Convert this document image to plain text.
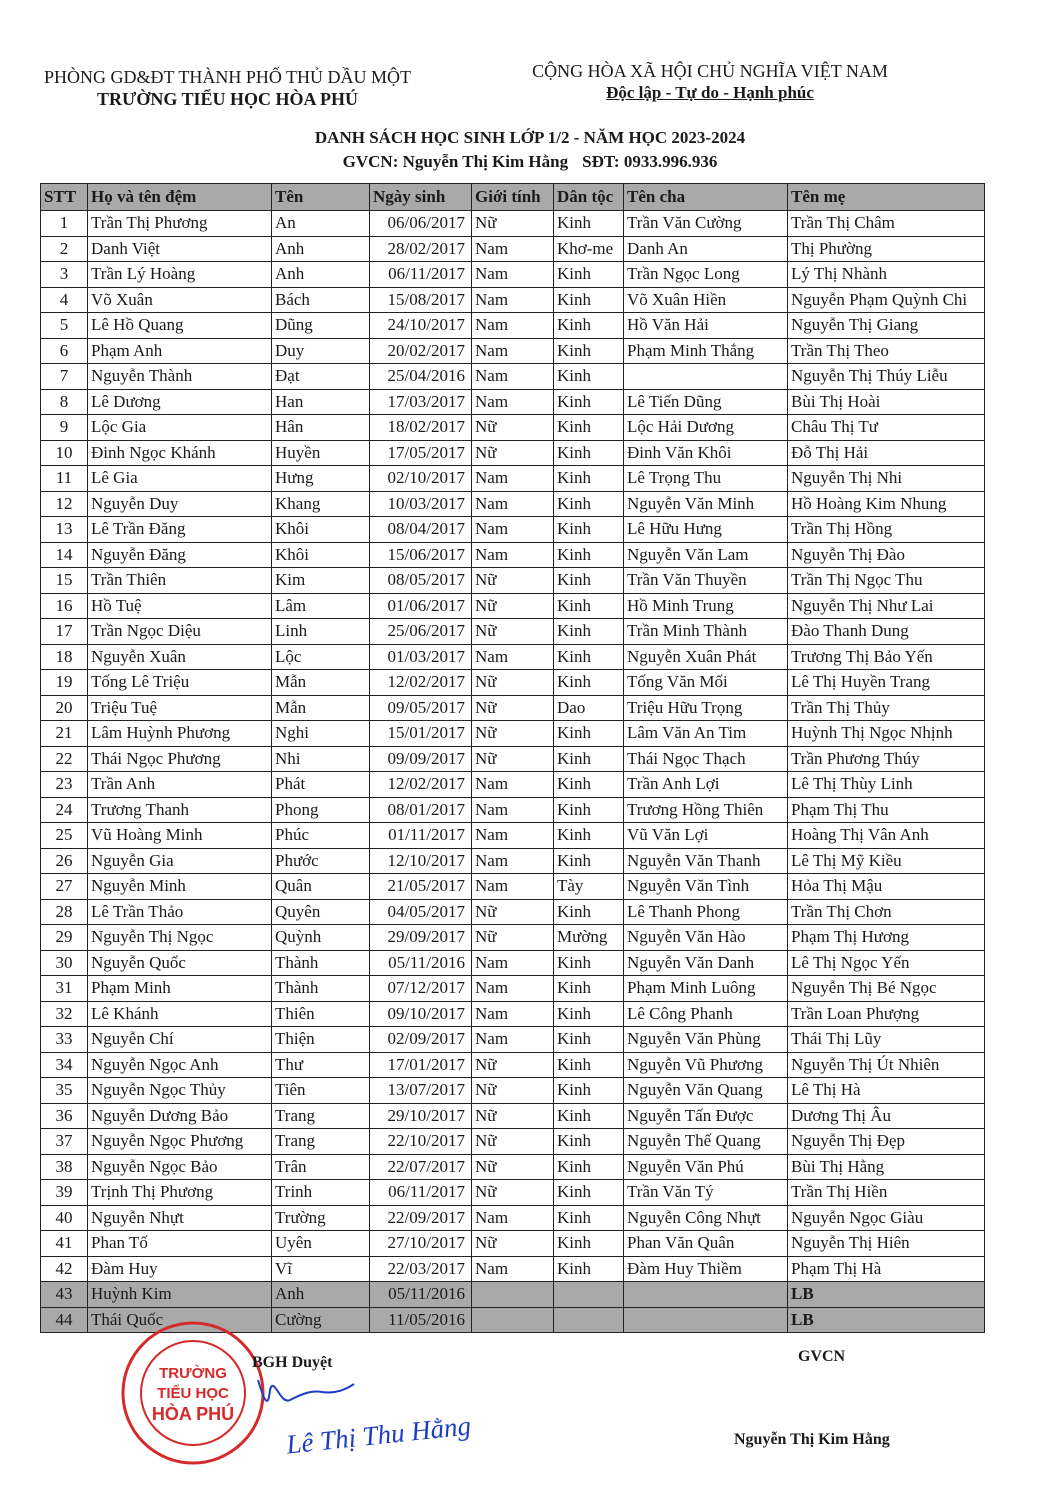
PHÒNG GD&ĐT THÀNH PHỐ THỦ DẦU MỘT
TRƯỜNG TIỂU HỌC HÒA PHÚ
CỘNG HÒA XÃ HỘI CHỦ NGHĨA VIỆT NAM
Độc lập - Tự do - Hạnh phúc
DANH SÁCH HỌC SINH LỚP 1/2 - NĂM HỌC 2023-2024
GVCN: Nguyễn Thị Kim Hằng SĐT: 0933.996.936
STT	Họ và tên đệm	Tên	Ngày sinh	Giới tính	Dân tộc	Tên cha	Tên mẹ
1	Trần Thị Phương	An	06/06/2017	Nữ	Kinh	Trần Văn Cường	Trần Thị Châm
2	Danh Việt	Anh	28/02/2017	Nam	Khơ-me	Danh An	Thị Phường
3	Trần Lý Hoàng	Anh	06/11/2017	Nam	Kinh	Trần Ngọc Long	Lý Thị Nhành
4	Võ Xuân	Bách	15/08/2017	Nam	Kinh	Võ Xuân Hiền	Nguyễn Phạm Quỳnh Chi
5	Lê Hồ Quang	Dũng	24/10/2017	Nam	Kinh	Hồ Văn Hải	Nguyễn Thị Giang
6	Phạm Anh	Duy	20/02/2017	Nam	Kinh	Phạm Minh Thắng	Trần Thị Theo
7	Nguyễn Thành	Đạt	25/04/2016	Nam	Kinh		Nguyễn Thị Thúy Liễu
8	Lê Dương	Han	17/03/2017	Nam	Kinh	Lê Tiến Dũng	Bùi Thị Hoài
9	Lộc Gia	Hân	18/02/2017	Nữ	Kinh	Lộc Hải Dương	Châu Thị Tư
10	Đinh Ngọc Khánh	Huyền	17/05/2017	Nữ	Kinh	Đinh Văn Khôi	Đỗ Thị Hải
11	Lê Gia	Hưng	02/10/2017	Nam	Kinh	Lê Trọng Thu	Nguyễn Thị Nhi
12	Nguyễn Duy	Khang	10/03/2017	Nam	Kinh	Nguyễn Văn Minh	Hồ Hoàng Kim Nhung
13	Lê Trần Đăng	Khôi	08/04/2017	Nam	Kinh	Lê Hữu Hưng	Trần Thị Hồng
14	Nguyễn Đăng	Khôi	15/06/2017	Nam	Kinh	Nguyễn Văn Lam	Nguyễn Thị Đào
15	Trần Thiên	Kim	08/05/2017	Nữ	Kinh	Trần Văn Thuyền	Trần Thị Ngọc Thu
16	Hồ Tuệ	Lâm	01/06/2017	Nữ	Kinh	Hồ Minh Trung	Nguyễn Thị Như Lai
17	Trần Ngọc Diệu	Linh	25/06/2017	Nữ	Kinh	Trần Minh Thành	Đào Thanh Dung
18	Nguyễn Xuân	Lộc	01/03/2017	Nam	Kinh	Nguyễn Xuân Phát	Trương Thị Bảo Yến
19	Tống Lê Triệu	Mẫn	12/02/2017	Nữ	Kinh	Tống Văn Mối	Lê Thị Huyền Trang
20	Triệu Tuệ	Mẫn	09/05/2017	Nữ	Dao	Triệu Hữu Trọng	Trần Thị Thủy
21	Lâm Huỳnh Phương	Nghi	15/01/2017	Nữ	Kinh	Lâm Văn An Tim	Huỳnh Thị Ngọc Nhịnh
22	Thái Ngọc Phương	Nhi	09/09/2017	Nữ	Kinh	Thái Ngọc Thạch	Trần Phương Thúy
23	Trần Anh	Phát	12/02/2017	Nam	Kinh	Trần Anh Lợi	Lê Thị Thùy Linh
24	Trương Thanh	Phong	08/01/2017	Nam	Kinh	Trương Hồng Thiên	Phạm Thị Thu
25	Vũ Hoàng Minh	Phúc	01/11/2017	Nam	Kinh	Vũ Văn Lợi	Hoàng Thị Vân Anh
26	Nguyễn Gia	Phước	12/10/2017	Nam	Kinh	Nguyễn Văn Thanh	Lê Thị Mỹ Kiều
27	Nguyễn Minh	Quân	21/05/2017	Nam	Tày	Nguyễn Văn Tình	Hỏa Thị Mậu
28	Lê Trần Thảo	Quyên	04/05/2017	Nữ	Kinh	Lê Thanh Phong	Trần Thị Chơn
29	Nguyễn Thị Ngọc	Quỳnh	29/09/2017	Nữ	Mường	Nguyễn Văn Hào	Phạm Thị Hương
30	Nguyễn Quốc	Thành	05/11/2016	Nam	Kinh	Nguyễn Văn Danh	Lê Thị Ngọc Yến
31	Phạm Minh	Thành	07/12/2017	Nam	Kinh	Phạm Minh Luông	Nguyễn Thị Bé Ngọc
32	Lê Khánh	Thiên	09/10/2017	Nam	Kinh	Lê Công Phanh	Trần Loan Phượng
33	Nguyễn Chí	Thiện	02/09/2017	Nam	Kinh	Nguyễn Văn Phùng	Thái Thị Lũy
34	Nguyễn Ngọc Anh	Thư	17/01/2017	Nữ	Kinh	Nguyễn Vũ Phương	Nguyễn Thị Út Nhiên
35	Nguyễn Ngọc Thủy	Tiên	13/07/2017	Nữ	Kinh	Nguyễn Văn Quang	Lê Thị Hà
36	Nguyễn Dương Bảo	Trang	29/10/2017	Nữ	Kinh	Nguyễn Tấn Được	Dương Thị Âu
37	Nguyễn Ngọc Phương	Trang	22/10/2017	Nữ	Kinh	Nguyễn Thế Quang	Nguyễn Thị Đẹp
38	Nguyễn Ngọc Bảo	Trân	22/07/2017	Nữ	Kinh	Nguyễn Văn Phú	Bùi Thị Hằng
39	Trịnh Thị Phương	Trinh	06/11/2017	Nữ	Kinh	Trần Văn Tý	Trần Thị Hiền
40	Nguyễn Nhựt	Trường	22/09/2017	Nam	Kinh	Nguyễn Công Nhựt	Nguyễn Ngọc Giàu
41	Phan Tố	Uyên	27/10/2017	Nữ	Kinh	Phan Văn Quân	Nguyễn Thị Hiên
42	Đàm Huy	Vĩ	22/03/2017	Nam	Kinh	Đàm Huy Thiềm	Phạm Thị Hà
43	Huỳnh Kim	Anh	05/11/2016				LB
44	Thái Quốc	Cường	11/05/2016				LB
TRƯỜNG
TIỂU HỌC
HÒA PHÚ
BGH Duyệt
Lê Thị Thu Hằng
GVCN
Nguyễn Thị Kim Hằng
